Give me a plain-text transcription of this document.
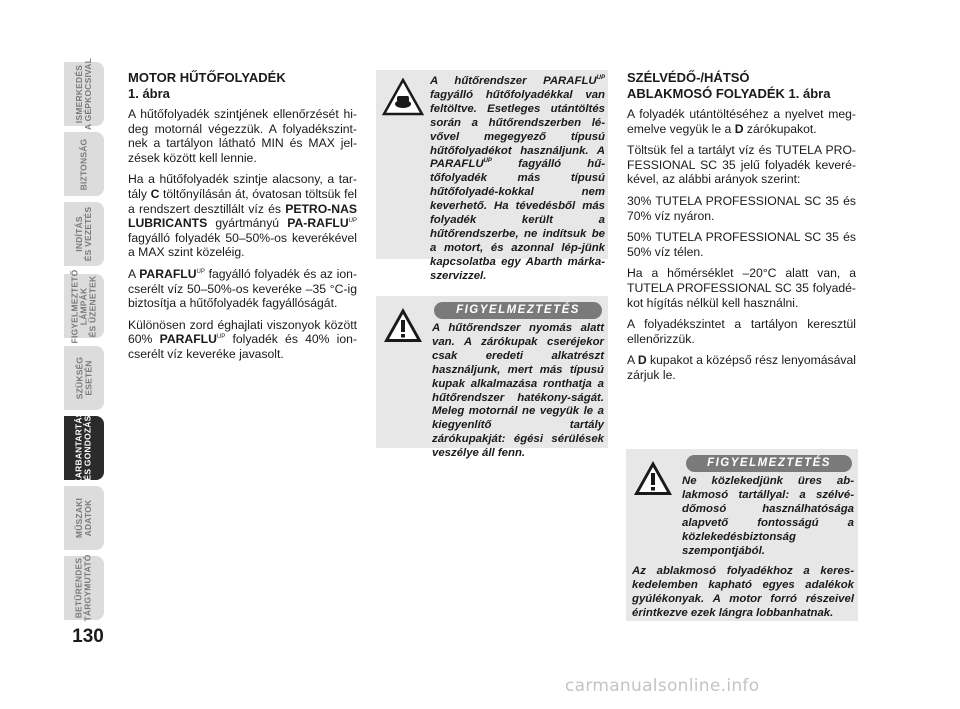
ISMERKEDÉS
A GÉPKOCSIVAL
BIZTONSÁG
INDÍTÁS
ÉS VEZETÉS
FIGYELMEZTETŐ
LÁMPÁK
ÉS ÜZENETEK
SZÜKSÉG
ESETÉN
KARBANTARTÁS
ÉS GONDOZÁS
MŰSZAKI
ADATOK
BETŰRENDES
TÁRGYMUTATÓ
130
MOTOR HŰTŐFOLYADÉK
1. ábra

A hűtőfolyadék szintjének ellenőrzését hi-deg motornál végezzük. A folyadékszint-nek a tartályon látható MIN és MAX jel-zések között kell lennie.

Ha a hűtőfolyadék szintje alacsony, a tar-tály C töltőnyílásán át, óvatosan töltsük fel a rendszert desztillált víz és PETRO-NAS LUBRICANTS gyártmányú $PA-RAFLU^{UP}$ fagyálló folyadék 50–50%-os keverékével a MAX szint közeléig.

A $PARAFLU^{UP}$ fagyálló folyadék és az ion-cserélt víz 50–50%-os keveréke –35 °C-ig biztosítja a hűtőfolyadék fagyállóságát.

Különösen zord éghajlati viszonyok között 60% $PARAFLU^{UP}$ folyadék és 40% ion-cserélt víz keveréke javasolt.

A hűtőrendszer $PARAFLU^{UP}$ fagyálló hűtőfolyadékkal van feltöltve. Esetleges utántöltés során a hűtőrendszerben lé-vővel megegyező típusú hűtőfolyadékot használjunk. A $PARAFLU^{UP}$ fagyálló hű-tőfolyadék más típusú hűtőfolyadé-kokkal nem keverhető. Ha tévedésből más folyadék került a hűtőrendszerbe, ne indítsuk be a motort, és azonnal lép-jünk kapcsolatba egy Abarth márka-szervizzel.

FIGYELMEZTETÉS

A hűtőrendszer nyomás alatt van. A zárókupak cseréjekor csak eredeti alkatrészt használjunk, mert más típusú kupak alkalmazása ronthatja a hűtőrendszer hatékony-ságát. Meleg motornál ne vegyük le a kiegyenlítő tartály zárókupakját: égési sérülések veszélye áll fenn.

SZÉLVÉDŐ-/HÁTSÓ
ABLAKMOSÓ FOLYADÉK 1. ábra

A folyadék utántöltéséhez a nyelvet meg-emelve vegyük le a D zárókupakot.

Töltsük fel a tartályt víz és TUTELA PRO-FESSIONAL SC 35 jelű folyadék keveré-kével, az alábbi arányok szerint:

30% TUTELA PROFESSIONAL SC 35 és 70% víz nyáron.

50% TUTELA PROFESSIONAL SC 35 és 50% víz télen.

Ha a hőmérséklet –20°C alatt van, a TUTELA PROFESSIONAL SC 35 folyadé-kot hígítás nélkül kell használni.

A folyadékszintet a tartályon keresztül ellenőrizzük.

A D kupakot a középső rész lenyomásával zárjuk le.

FIGYELMEZTETÉS

Ne közlekedjünk üres ab-lakmosó tartállyal: a szélvé-dőmosó használhatósága alapvető fontosságú a közlekedésbiztonság szempontjából.

Az ablakmosó folyadékhoz a keres-kedelemben kapható egyes adalékok gyúlékonyak. A motor forró részeivel érintkezve ezek lángra lobbanhatnak.

carmanualsonline.info
